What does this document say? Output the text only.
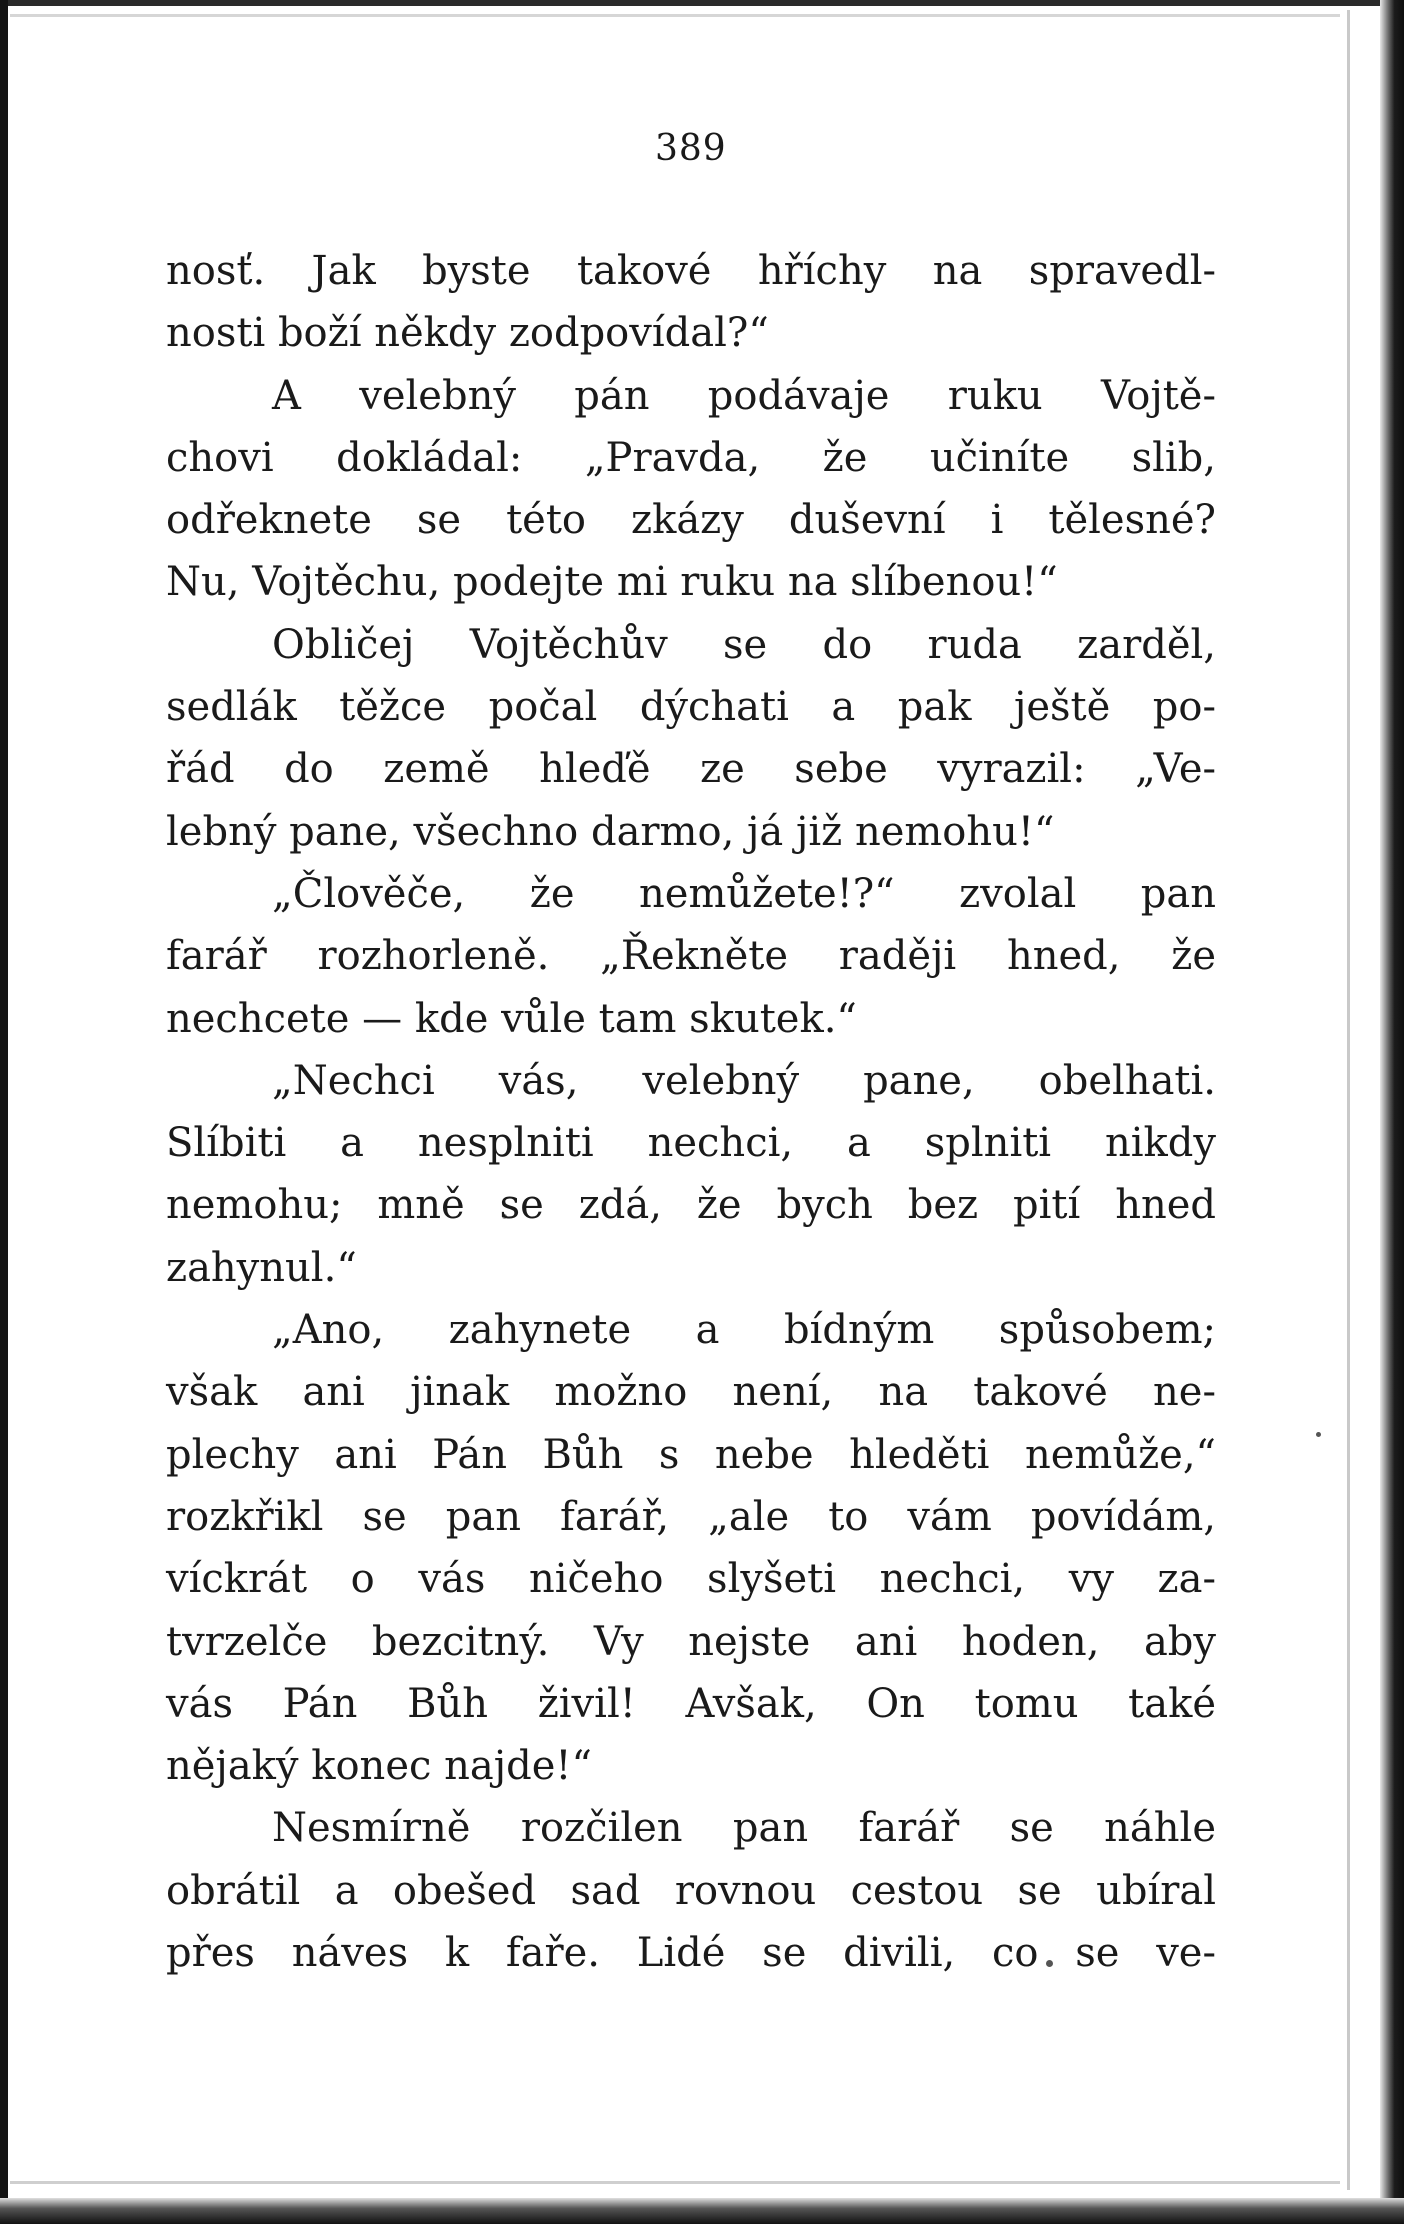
389
nosť. Jak byste takové hříchy na spravedl-
nosti boží někdy zodpovídal?“
A velebný pán podávaje ruku Vojtě-
chovi dokládal: „Pravda, že učiníte slib,
odřeknete se této zkázy duševní i tělesné?
Nu, Vojtěchu, podejte mi ruku na slíbenou!“
Obličej Vojtěchův se do ruda zarděl,
sedlák těžce počal dýchati a pak ještě po-
řád do země hleďě ze sebe vyrazil: „Ve-
lebný pane, všechno darmo, já již nemohu!“
„Člověče, že nemůžete!?“ zvolal pan
farář rozhorleně. „Řekněte raději hned, že
nechcete — kde vůle tam skutek.“
„Nechci vás, velebný pane, obelhati.
Slíbiti a nesplniti nechci, a splniti nikdy
nemohu; mně se zdá, že bych bez pití hned
zahynul.“
„Ano, zahynete a bídným spůsobem;
však ani jinak možno není, na takové ne-
plechy ani Pán Bůh s nebe hleděti nemůže,“
rozkřikl se pan farář, „ale to vám povídám,
víckrát o vás ničeho slyšeti nechci, vy za-
tvrzelče bezcitný. Vy nejste ani hoden, aby
vás Pán Bůh živil! Avšak, On tomu také
nějaký konec najde!“
Nesmírně rozčilen pan farář se náhle
obrátil a obešed sad rovnou cestou se ubíral
přes náves k faře. Lidé se divili, co se ve-
